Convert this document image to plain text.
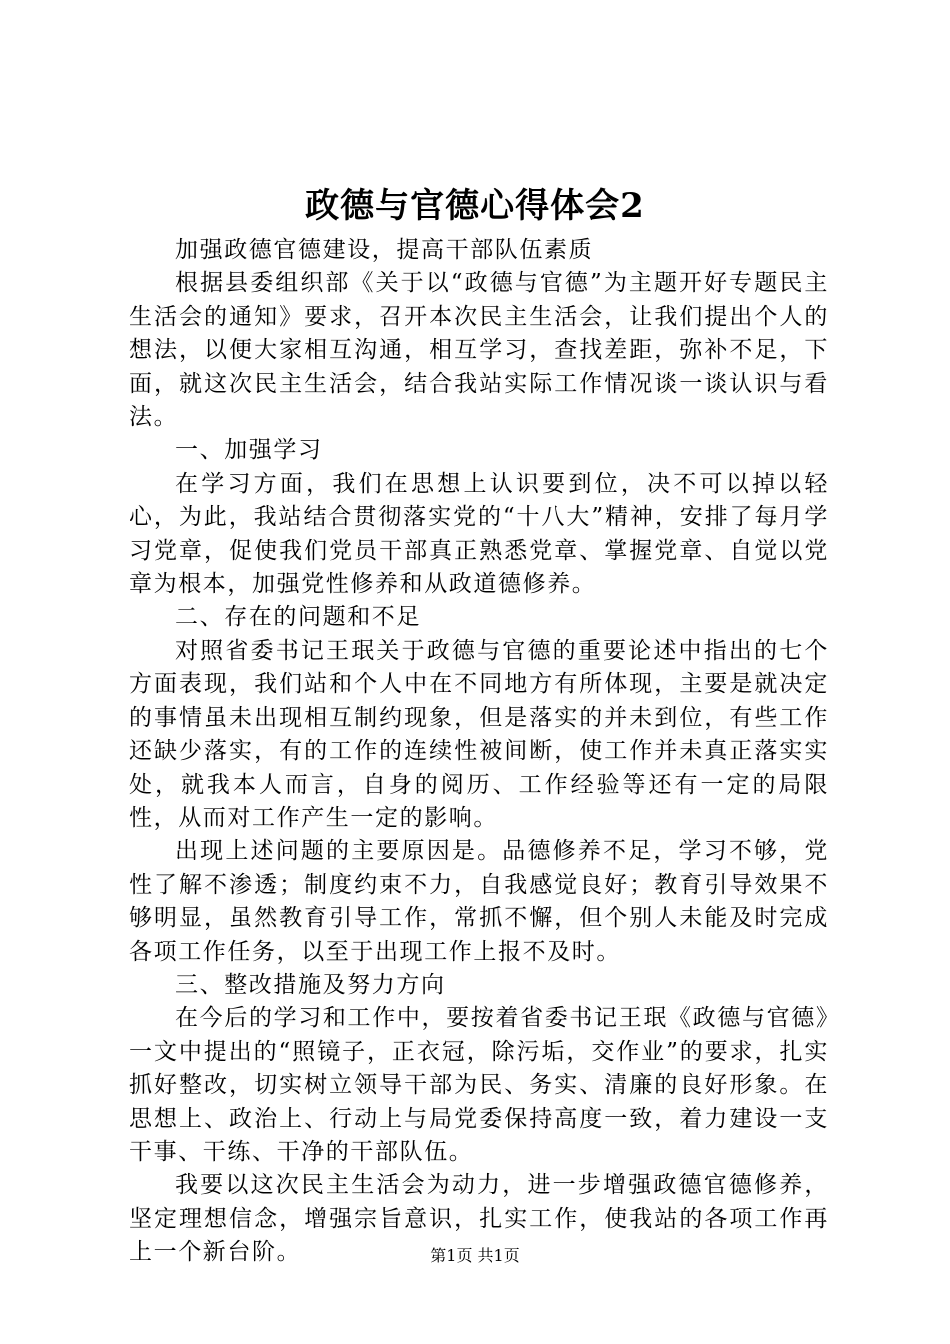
政德与官德心得体会2

加强政德官德建设，提高干部队伍素质

根据县委组织部《关于以“政德与官德”为主题开好专题民主生活会的通知》要求，召开本次民主生活会，让我们提出个人的想法，以便大家相互沟通，相互学习，查找差距，弥补不足，下面，就这次民主生活会，结合我站实际工作情况谈一谈认识与看法。

一、加强学习

在学习方面，我们在思想上认识要到位，决不可以掉以轻心，为此，我站结合贯彻落实党的“十八大”精神，安排了每月学习党章，促使我们党员干部真正熟悉党章、掌握党章、自觉以党章为根本，加强党性修养和从政道德修养。

二、存在的问题和不足

对照省委书记王珉关于政德与官德的重要论述中指出的七个方面表现，我们站和个人中在不同地方有所体现，主要是就决定的事情虽未出现相互制约现象，但是落实的并未到位，有些工作还缺少落实，有的工作的连续性被间断，使工作并未真正落实实处，就我本人而言，自身的阅历、工作经验等还有一定的局限性，从而对工作产生一定的影响。

出现上述问题的主要原因是。品德修养不足，学习不够，党性了解不渗透；制度约束不力，自我感觉良好；教育引导效果不够明显，虽然教育引导工作，常抓不懈，但个别人未能及时完成各项工作任务，以至于出现工作上报不及时。

三、整改措施及努力方向

在今后的学习和工作中，要按着省委书记王珉《政德与官德》一文中提出的“照镜子，正衣冠，除污垢，交作业”的要求，扎实抓好整改，切实树立领导干部为民、务实、清廉的良好形象。在思想上、政治上、行动上与局党委保持高度一致，着力建设一支干事、干练、干净的干部队伍。

我要以这次民主生活会为动力，进一步增强政德官德修养，坚定理想信念，增强宗旨意识，扎实工作，使我站的各项工作再上一个新台阶。	第1页 共1页
